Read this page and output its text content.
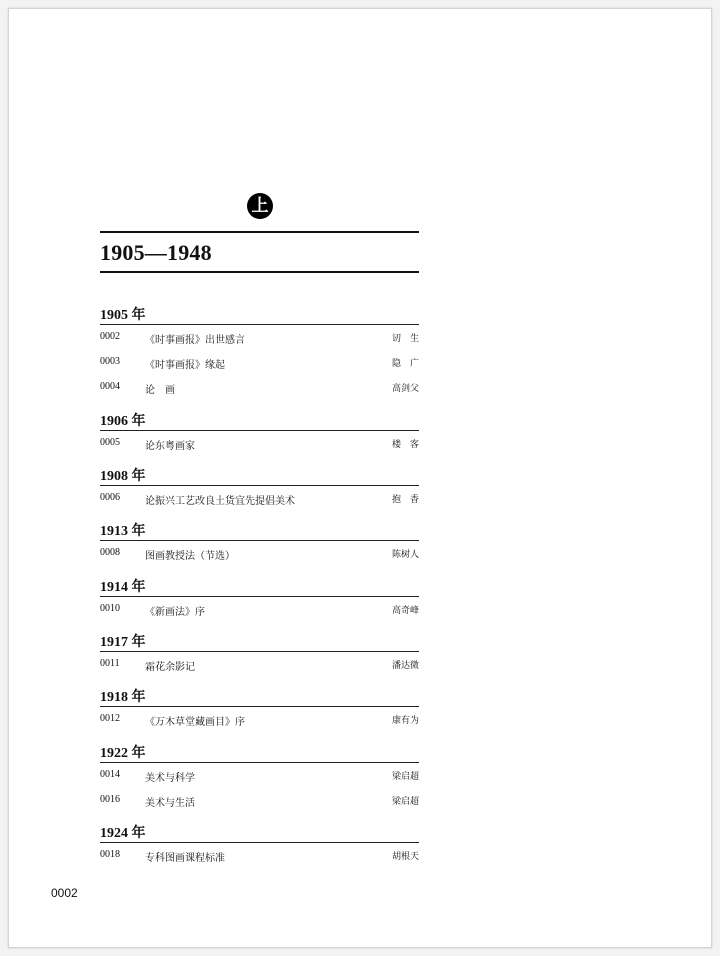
上
1905—1948
1905 年
0002	《时事画报》出世感言	讱　生
0003	《时事画报》缘起	隐　广
0004	论　画	高剑父
1906 年
0005	论东粤画家	楼　客
1908 年
0006	论振兴工艺改良土货宜先提倡美术	抱　香
1913 年
0008	图画教授法（节选）	陈树人
1914 年
0010	《新画法》序	高奇峰
1917 年
0011	霜花余影记	潘达微
1918 年
0012	《万木草堂藏画目》序	康有为
1922 年
0014	美术与科学	梁启超
0016	美术与生活	梁启超
1924 年
0018	专科图画课程标准	胡根天
0002
